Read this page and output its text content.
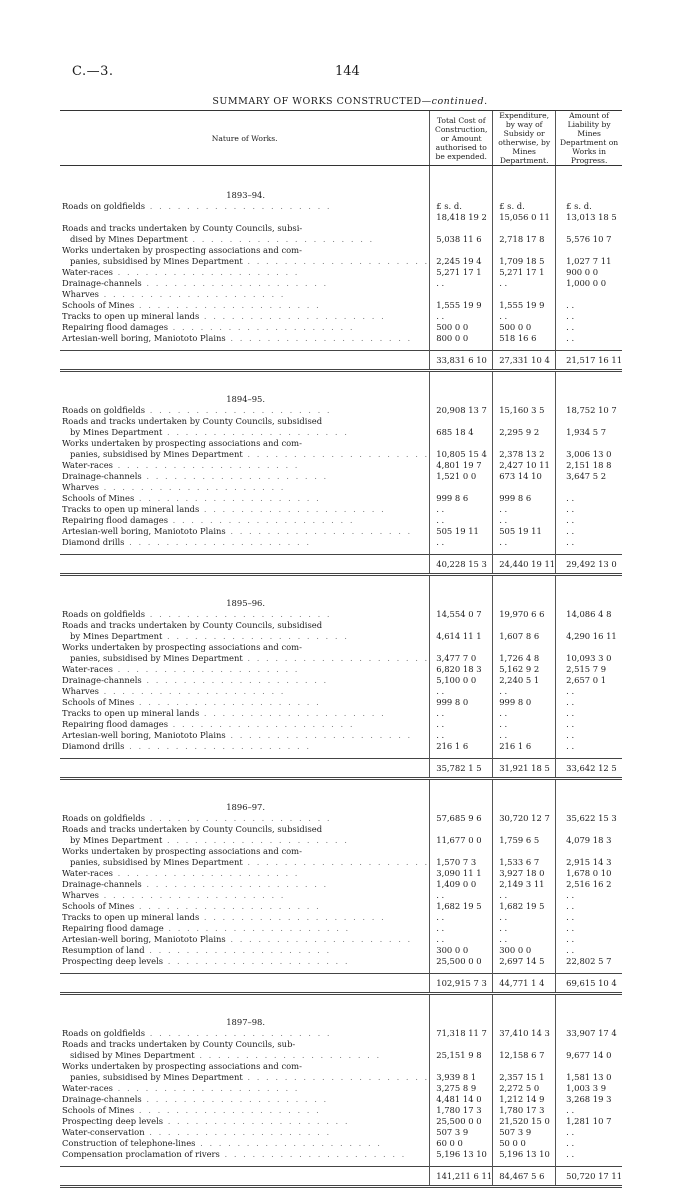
C.—3.	144
SUMMARY OF WORKS CONSTRUCTED—continued.
Nature of Works.	Total Cost of Construction, or Amount authorised to be expended.	Expenditure, by way of Subsidy or otherwise, by Mines Department.	Amount of Liability by Mines Department on Works in Progress.

1893–94.			
Roads on goldfields . . . . . . . . . . . . . . . . . . . .	£ s. d.	£ s. d.	£ s. d.
	18,418 19 2	15,056 0 11	13,013 18 5
Roads and tracks undertaken by County Councils, subsi-			
dised by Mines Department . . . . . . . . . . . . . . . . . . . .	5,038 11 6	2,718 17 8	5,576 10 7
Works undertaken by prospecting associations and com-			
panies, subsidised by Mines Department . . . . . . . . . . . . . . . . . . . .	2,245 19 4	1,709 18 5	1,027 7 11
Water-races . . . . . . . . . . . . . . . . . . . .	5,271 17 1	5,271 17 1	900 0 0
Drainage-channels . . . . . . . . . . . . . . . . . . . .	. .	. .	1,000 0 0
Wharves . . . . . . . . . . . . . . . . . . . .			
Schools of Mines . . . . . . . . . . . . . . . . . . . .	1,555 19 9	1,555 19 9	. .
Tracks to open up mineral lands . . . . . . . . . . . . . . . . . . . .	. .	. .	. .
Repairing flood damages . . . . . . . . . . . . . . . . . . . .	500 0 0	500 0 0	. .
Artesian-well boring, Maniototo Plains . . . . . . . . . . . . . . . . . . . .	800 0 0	518 16 6	. .

	33,831 6 10	27,331 10 4	21,517 16 11

1894–95.			
Roads on goldfields . . . . . . . . . . . . . . . . . . . .	20,908 13 7	15,160 3 5	18,752 10 7
Roads and tracks undertaken by County Councils, subsidised			
by Mines Department . . . . . . . . . . . . . . . . . . . .	685 18 4	2,295 9 2	1,934 5 7
Works undertaken by prospecting associations and com-			
panies, subsidised by Mines Department . . . . . . . . . . . . . . . . . . . .	10,805 15 4	2,378 13 2	3,006 13 0
Water-races . . . . . . . . . . . . . . . . . . . .	4,801 19 7	2,427 10 11	2,151 18 8
Drainage-channels . . . . . . . . . . . . . . . . . . . .	1,521 0 0	673 14 10	3,647 5 2
Wharves . . . . . . . . . . . . . . . . . . . .			
Schools of Mines . . . . . . . . . . . . . . . . . . . .	999 8 6	999 8 6	. .
Tracks to open up mineral lands . . . . . . . . . . . . . . . . . . . .	. .	. .	. .
Repairing flood damages . . . . . . . . . . . . . . . . . . . .	. .	. .	. .
Artesian-well boring, Maniototo Plains . . . . . . . . . . . . . . . . . . . .	505 19 11	505 19 11	. .
Diamond drills . . . . . . . . . . . . . . . . . . . .	. .	. .	. .

	40,228 15 3	24,440 19 11	29,492 13 0

1895–96.			
Roads on goldfields . . . . . . . . . . . . . . . . . . . .	14,554 0 7	19,970 6 6	14,086 4 8
Roads and tracks undertaken by County Councils, subsidised			
by Mines Department . . . . . . . . . . . . . . . . . . . .	4,614 11 1	1,607 8 6	4,290 16 11
Works undertaken by prospecting associations and com-			
panies, subsidised by Mines Department . . . . . . . . . . . . . . . . . . . .	3,477 7 0	1,726 4 8	10,093 3 0
Water-races . . . . . . . . . . . . . . . . . . . .	6,820 18 3	5,162 9 2	2,515 7 9
Drainage-channels . . . . . . . . . . . . . . . . . . . .	5,100 0 0	2,240 5 1	2,657 0 1
Wharves . . . . . . . . . . . . . . . . . . . .	. .	. .	. .
Schools of Mines . . . . . . . . . . . . . . . . . . . .	999 8 0	999 8 0	. .
Tracks to open up mineral lands . . . . . . . . . . . . . . . . . . . .	. .	. .	. .
Repairing flood damages . . . . . . . . . . . . . . . . . . . .	. .	. .	. .
Artesian-well boring, Maniototo Plains . . . . . . . . . . . . . . . . . . . .	. .	. .	. .
Diamond drills . . . . . . . . . . . . . . . . . . . .	216 1 6	216 1 6	. .

	35,782 1 5	31,921 18 5	33,642 12 5

1896–97.			
Roads on goldfields . . . . . . . . . . . . . . . . . . . .	57,685 9 6	30,720 12 7	35,622 15 3
Roads and tracks undertaken by County Councils, subsidised			
by Mines Department . . . . . . . . . . . . . . . . . . . .	11,677 0 0	1,759 6 5	4,079 18 3
Works undertaken by prospecting associations and com-			
panies, subsidised by Mines Department . . . . . . . . . . . . . . . . . . . .	1,570 7 3	1,533 6 7	2,915 14 3
Water-races . . . . . . . . . . . . . . . . . . . .	3,090 11 1	3,927 18 0	1,678 0 10
Drainage-channels . . . . . . . . . . . . . . . . . . . .	1,409 0 0	2,149 3 11	2,516 16 2
Wharves . . . . . . . . . . . . . . . . . . . .	. .	. .	. .
Schools of Mines . . . . . . . . . . . . . . . . . . . .	1,682 19 5	1,682 19 5	. .
Tracks to open up mineral lands . . . . . . . . . . . . . . . . . . . .	. .	. .	. .
Repairing flood damage . . . . . . . . . . . . . . . . . . . .	. .	. .	. .
Artesian-well boring, Maniototo Plains . . . . . . . . . . . . . . . . . . . .	. .	. .	. .
Resumption of land . . . . . . . . . . . . . . . . . . . .	300 0 0	300 0 0	. .
Prospecting deep levels . . . . . . . . . . . . . . . . . . . .	25,500 0 0	2,697 14 5	22,802 5 7

	102,915 7 3	44,771 1 4	69,615 10 4

1897–98.			
Roads on goldfields . . . . . . . . . . . . . . . . . . . .	71,318 11 7	37,410 14 3	33,907 17 4
Roads and tracks undertaken by County Councils, sub-			
sidised by Mines Department . . . . . . . . . . . . . . . . . . . .	25,151 9 8	12,158 6 7	9,677 14 0
Works undertaken by prospecting associations and com-			
panies, subsidised by Mines Department . . . . . . . . . . . . . . . . . . . .	3,939 8 1	2,357 15 1	1,581 13 0
Water-races . . . . . . . . . . . . . . . . . . . .	3,275 8 9	2,272 5 0	1,003 3 9
Drainage-channels . . . . . . . . . . . . . . . . . . . .	4,481 14 0	1,212 14 9	3,268 19 3
Schools of Mines . . . . . . . . . . . . . . . . . . . .	1,780 17 3	1,780 17 3	. .
Prospecting deep levels . . . . . . . . . . . . . . . . . . . .	25,500 0 0	21,520 15 0	1,281 10 7
Water-conservation . . . . . . . . . . . . . . . . . . . .	507 3 9	507 3 9	. .
Construction of telephone-lines . . . . . . . . . . . . . . . . . . . .	60 0 0	50 0 0	. .
Compensation proclamation of rivers . . . . . . . . . . . . . . . . . . . .	5,196 13 10	5,196 13 10	. .

	141,211 6 11	84,467 5 6	50,720 17 11
